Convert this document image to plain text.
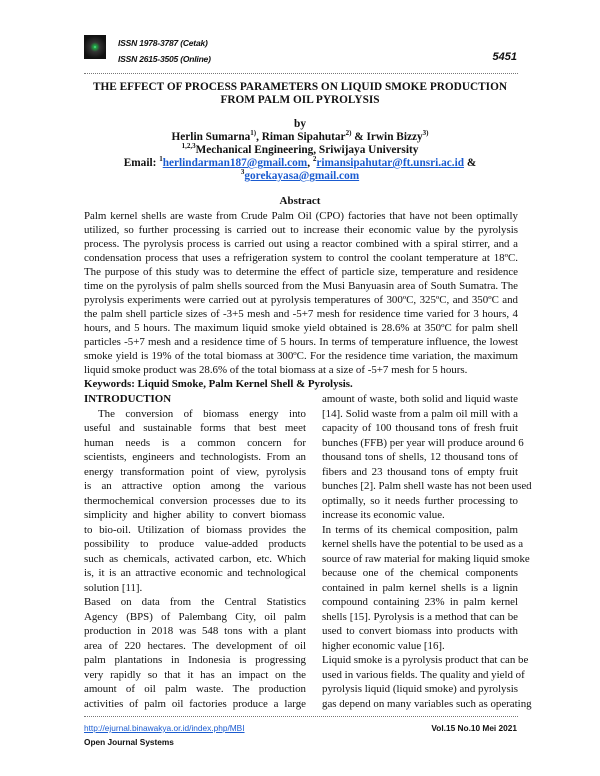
ISSN 1978-3787 (Cetak)
ISSN 2615-3505 (Online)	5451
THE EFFECT OF PROCESS PARAMETERS ON LIQUID SMOKE PRODUCTION
FROM PALM OIL PYROLYSIS
by
Herlin Sumarna$^{1)}$, Riman Sipahutar$^{2)}$ & Irwin Bizzy$^{3)}$
$^{1,2,3}$Mechanical Engineering, Sriwijaya University
Email: $^1$herlindarman187@gmail.com, $^2$rimansipahutar@ft.unsri.ac.id &
$^3$gorekayasa@gmail.com
Abstract
Palm kernel shells are waste from Crude Palm Oil (CPO) factories that have not been optimally
utilized, so further processing is carried out to increase their economic value by the pyrolysis
process. The pyrolysis process is carried out using a reactor combined with a spiral stirrer, and a
condensation process that uses a refrigeration system to control the coolant temperature at 18ºC.
The purpose of this study was to determine the effect of particle size, temperature and residence
time on the pyrolysis of palm shells sourced from the Musi Banyuasin area of South Sumatra. The
pyrolysis experiments were carried out at pyrolysis temperatures of 300ºC, 325ºC, and 350ºC and
the palm shell particle sizes of -3+5 mesh and -5+7 mesh for residence time varied for 3 hours, 4
hours, and 5 hours. The maximum liquid smoke yield obtained is 28.6% at 350ºC for palm shell
particles -5+7 mesh and a residence time of 5 hours. In terms of temperature influence, the lowest
smoke yield is 19% of the total biomass at 300ºC. For the residence time variation, the maximum
liquid smoke product was 28.6% of the total biomass at a size of -5+7 mesh for 5 hours.
Keywords: Liquid Smoke, Palm Kernel Shell & Pyrolysis.
INTRODUCTION
The conversion of biomass energy into
useful and sustainable forms that best meet
human needs is a common concern for
scientists, engineers and technologists. From an
energy transformation point of view, pyrolysis
is an attractive option among the various
thermochemical conversion processes due to its
simplicity and higher ability to convert biomass
to bio-oil. Utilization of biomass provides the
possibility to produce value-added products
such as chemicals, activated carbon, etc. Which
is, it is an attractive economic and technological
solution [11].
Based on data from the Central Statistics
Agency (BPS) of Palembang City, oil palm
production in 2018 was 548 tons with a plant
area of 220 hectares. The development of oil
palm plantations in Indonesia is progressing
very rapidly so that it has an impact on the
amount of oil palm waste. The production
activities of palm oil factories produce a large
amount of waste, both solid and liquid waste
[14]. Solid waste from a palm oil mill with a
capacity of 100 thousand tons of fresh fruit
bunches (FFB) per year will produce around 6
thousand tons of shells, 12 thousand tons of
fibers and 23 thousand tons of empty fruit
bunches [2]. Palm shell waste has not been used
optimally, so it needs further processing to
increase its economic value.
In terms of its chemical composition, palm
kernel shells have the potential to be used as a
source of raw material for making liquid smoke
because one of the chemical components
contained in palm kernel shells is a lignin
compound containing 23% in palm kernel
shells [15]. Pyrolysis is a method that can be
used to convert biomass into products with
higher economic value [16].
Liquid smoke is a pyrolysis product that can be
used in various fields. The quality and yield of
pyrolysis liquid (liquid smoke) and pyrolysis
gas depend on many variables such as operating
http://ejurnal.binawakya.or.id/index.php/MBI
Open Journal Systems
Vol.15 No.10 Mei 2021
